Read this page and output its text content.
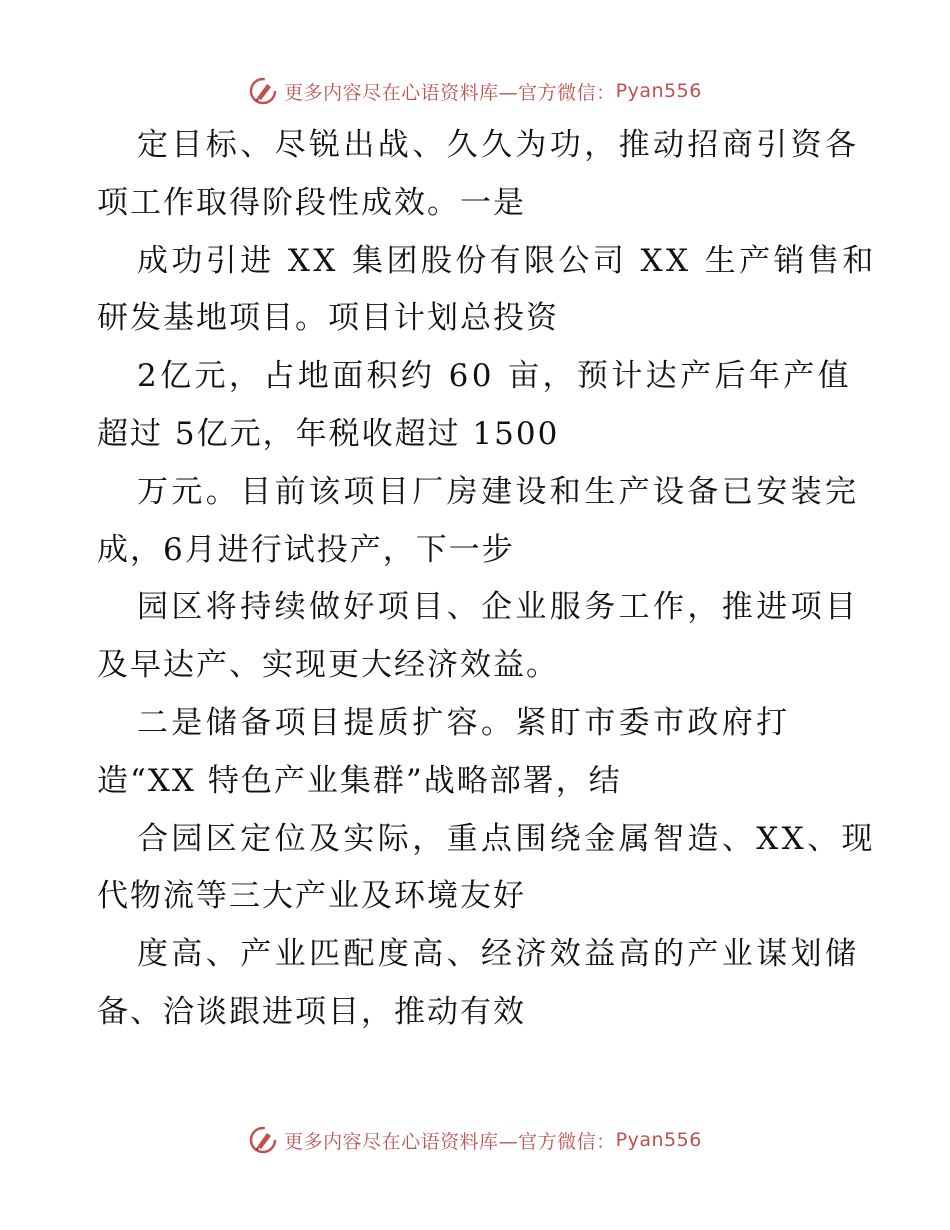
更多内容尽在心语资料库—官方微信： Pyan556

定目标、尽锐出战、久久为功，推动招商引资各
项工作取得阶段性成效。一是

成功引进 XX 集团股份有限公司 XX 生产销售和
研发基地项目。项目计划总投资

2亿元，占地面积约 60 亩，预计达产后年产值
超过 5亿元，年税收超过 1500

万元。目前该项目厂房建设和生产设备已安装完
成，6月进行试投产，下一步

园区将持续做好项目、企业服务工作，推进项目
及早达产、实现更大经济效益。

二是储备项目提质扩容。紧盯市委市政府打
造“XX 特色产业集群”战略部署，结

合园区定位及实际，重点围绕金属智造、XX、现
代物流等三大产业及环境友好

度高、产业匹配度高、经济效益高的产业谋划储
备、洽谈跟进项目，推动有效

更多内容尽在心语资料库—官方微信： Pyan556
